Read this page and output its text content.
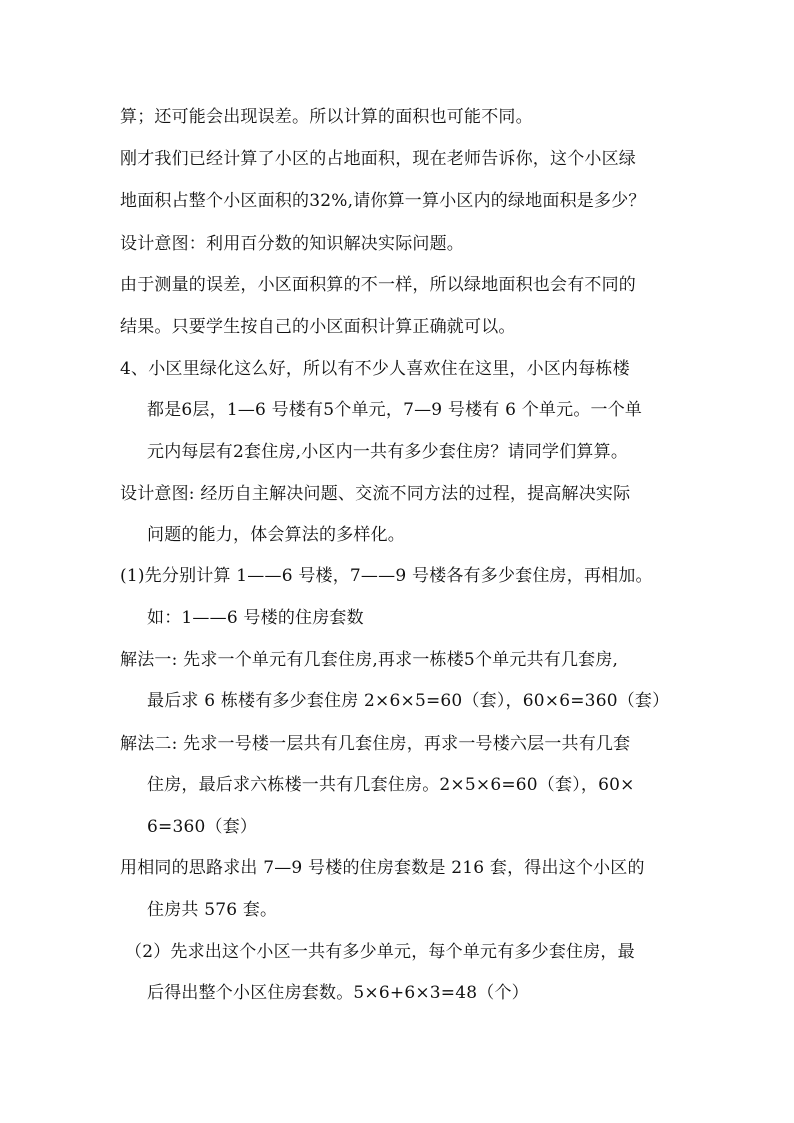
算；还可能会出现误差。所以计算的面积也可能不同。
刚才我们已经计算了小区的占地面积，现在老师告诉你，这个小区绿
地面积占整个小区面积的32%,请你算一算小区内的绿地面积是多少？
设计意图：利用百分数的知识解决实际问题。
由于测量的误差，小区面积算的不一样，所以绿地面积也会有不同的
结果。只要学生按自己的小区面积计算正确就可以。
4、小区里绿化这么好，所以有不少人喜欢住在这里，小区内每栋楼
都是6层，1—6 号楼有5个单元，7—9 号楼有 6 个单元。一个单
元内每层有2套住房,小区内一共有多少套住房？请同学们算算。
设计意图: 经历自主解决问题、交流不同方法的过程，提高解决实际
问题的能力，体会算法的多样化。
(1)先分别计算 1——6 号楼，7——9 号楼各有多少套住房，再相加。
如：1——6 号楼的住房套数
解法一: 先求一个单元有几套住房,再求一栋楼5个单元共有几套房,
最后求 6 栋楼有多少套住房 2×6×5=60（套），60×6=360（套）
解法二: 先求一号楼一层共有几套住房，再求一号楼六层一共有几套
住房，最后求六栋楼一共有几套住房。2×5×6=60（套），60×
6=360（套）
用相同的思路求出 7—9 号楼的住房套数是 216 套，得出这个小区的
住房共 576 套。
（2）先求出这个小区一共有多少单元，每个单元有多少套住房，最
后得出整个小区住房套数。5×6+6×3=48（个）
